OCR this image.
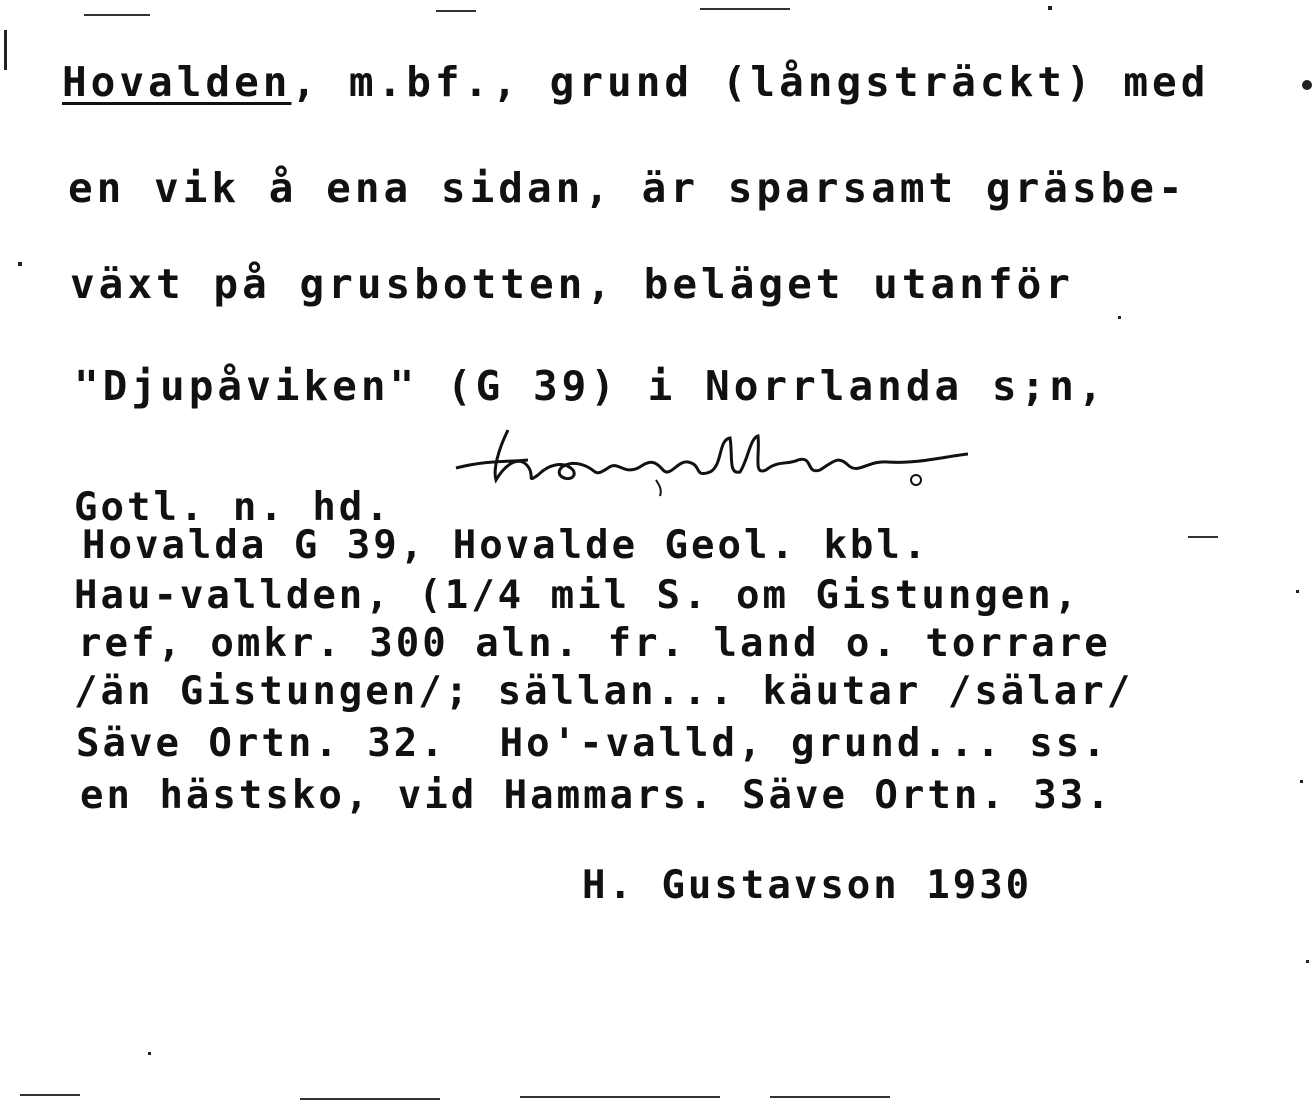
Hovalden, m.bf., grund (långsträckt) med
en vik å ena sidan, är sparsamt gräsbe-
växt på grusbotten, beläget utanför
"Djupåviken" (G 39) i Norrlanda s;n,
Gotl. n. hd.
Hovalda G 39, Hovalde Geol. kbl.
Hau-vallden, (1/4 mil S. om Gistungen,
ref, omkr. 300 aln. fr. land o. torrare
/än Gistungen/; sällan... käutar /sälar/
Säve Ortn. 32.  Ho'-valld, grund... ss.
en hästsko, vid Hammars. Säve Ortn. 33.
H. Gustavson 1930
